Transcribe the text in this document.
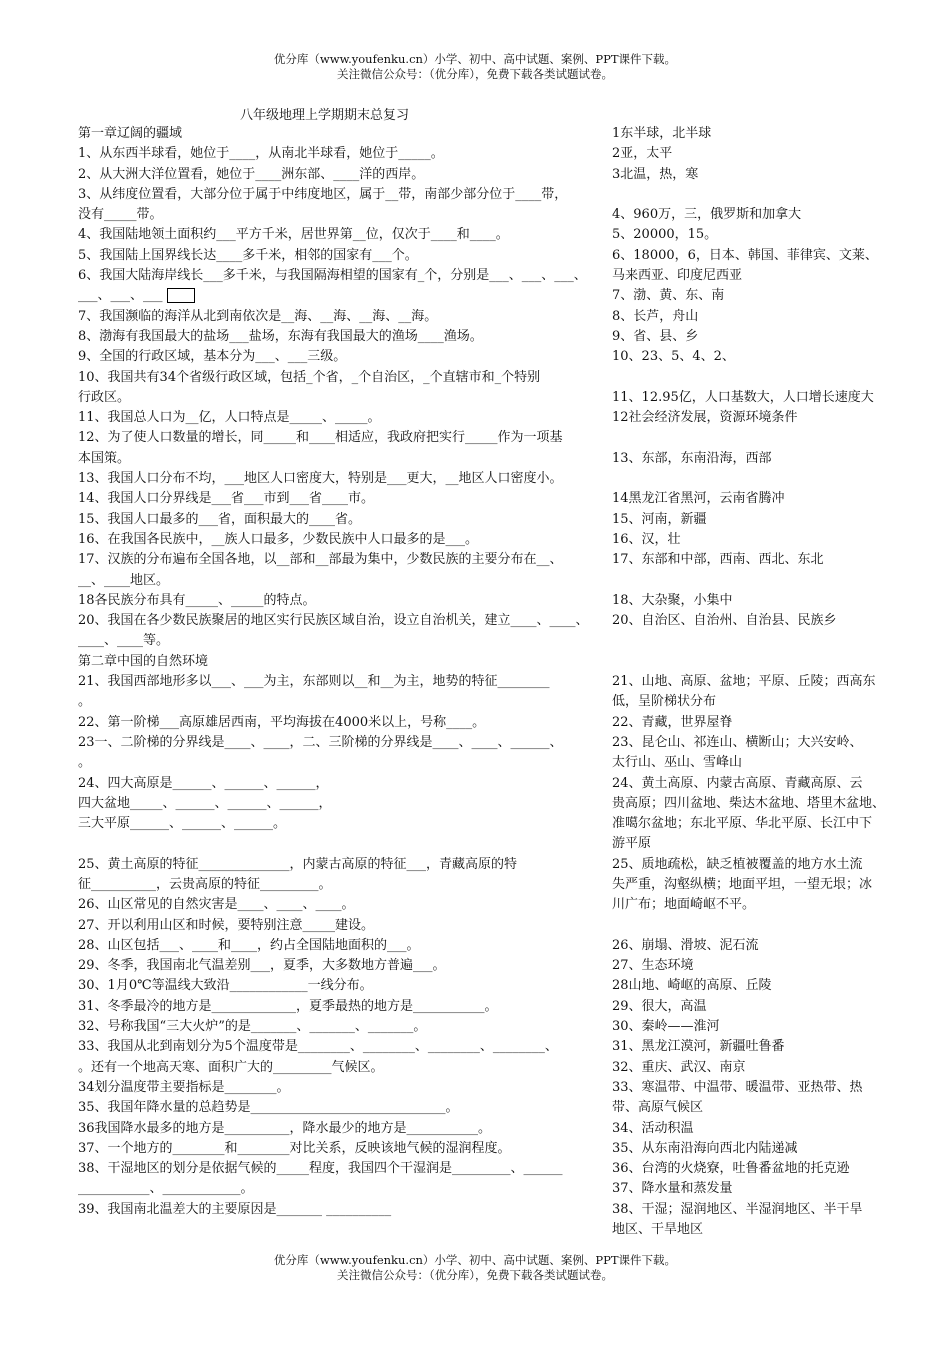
优分库（www.youfenku.cn）小学、初中、高中试题、案例、PPT课件下载。
关注微信公众号：（优分库），免费下载各类试题试卷。
八年级地理上学期期末总复习
第一章辽阔的疆域
1、从东西半球看，她位于____，从南北半球看，她位于_____。
2、从大洲大洋位置看，她位于____洲东部、____洋的西岸。
3、从纬度位置看，大部分位于属于中纬度地区，属于__带，南部少部分位于____带，
没有_____带。
4、我国陆地领土面积约___平方千米，居世界第__位，仅次于____和____。
5、我国陆上国界线长达____多千米，相邻的国家有___个。
6、我国大陆海岸线长___多千米，与我国隔海相望的国家有_个，分别是___、___、___、
___、___、___
7、我国濒临的海洋从北到南依次是__海、__海、__海、__海。
8、渤海有我国最大的盐场___盐场，东海有我国最大的渔场____渔场。
9、全国的行政区域，基本分为___、___三级。
10、我国共有34个省级行政区域，包括_个省，_个自治区，_个直辖市和_个特别
行政区。
11、我国总人口为__亿，人口特点是_____、_____。
12、为了使人口数量的增长，同_____和____相适应，我政府把实行_____作为一项基
本国策。
13、我国人口分布不均，___地区人口密度大，特别是___更大，__地区人口密度小。
14、我国人口分界线是___省___市到___省____市。
15、我国人口最多的___省，面积最大的____省。
16、在我国各民族中，__族人口最多，少数民族中人口最多的是___。
17、汉族的分布遍布全国各地，以__部和__部最为集中，少数民族的主要分布在__、
__、____地区。
18各民族分布具有_____、_____的特点。
20、我国在各少数民族聚居的地区实行民族区域自治，设立自治机关，建立____、____、
____、____等。
第二章中国的自然环境
21、我国西部地形多以___、___为主，东部则以__和__为主，地势的特征________
。
22、第一阶梯___高原雄居西南，平均海拔在4000米以上，号称____。
23一、二阶梯的分界线是____、____，二、三阶梯的分界线是____、____、______、
。
24、四大高原是______、______、______，
四大盆地_____、______、______、______，
三大平原______、______、______。
25、黄土高原的特征______________，内蒙古高原的特征___，青藏高原的特
征__________，云贵高原的特征_________。
26、山区常见的自然灾害是____、____、____。
27、开以利用山区和时候，要特别注意_____建设。
28、山区包括___、____和____，约占全国陆地面积的___。
29、冬季，我国南北气温差别___，夏季，大多数地方普遍___。
30、1月0℃等温线大致沿____________一线分布。
31、冬季最冷的地方是_____________，夏季最热的地方是___________。
32、号称我国“三大火炉”的是_______、_______、_______。
33、我国从北到南划分为5个温度带是________、________、________、________、
。还有一个地高天寒、面积广大的_________气候区。
34划分温度带主要指标是________。
35、我国年降水量的总趋势是______________________________。
36我国降水最多的地方是__________，降水最少的地方是___________。
37、一个地方的________和________对比关系，反映该地气候的湿润程度。
38、干湿地区的划分是依据气候的_____程度，我国四个干湿润是_________、______
___________、____________。
39、我国南北温差大的主要原因是_______ __________
1东半球，北半球
2亚，太平
3北温，热，寒
4、960万，三，俄罗斯和加拿大
5、20000，15。
6、18000，6，日本、韩国、菲律宾、文莱、
马来西亚、印度尼西亚
7、渤、黄、东、南
8、长芦，舟山
9、省、县、乡
10、23、5、4、2、
11、12.95亿，人口基数大，人口增长速度大
12社会经济发展，资源环境条件
13、东部，东南沿海，西部
14黑龙江省黑河，云南省腾冲
15、河南，新疆
16、汉，壮
17、东部和中部，西南、西北、东北
18、大杂聚，小集中
20、自治区、自治州、自治县、民族乡
21、山地、高原、盆地；平原、丘陵；西高东
低，呈阶梯状分布
22、青藏，世界屋脊
23、昆仑山、祁连山、横断山；大兴安岭、
太行山、巫山、雪峰山
24、黄土高原、内蒙古高原、青藏高原、云
贵高原；四川盆地、柴达木盆地、塔里木盆地、
准噶尔盆地；东北平原、华北平原、长江中下
游平原
25、质地疏松，缺乏植被覆盖的地方水土流
失严重，沟壑纵横；地面平坦，一望无垠；冰
川广布；地面崎岖不平。
26、崩塌、滑坡、泥石流
27、生态环境
28山地、崎岖的高原、丘陵
29、很大，高温
30、秦岭——淮河
31、黑龙江漠河，新疆吐鲁番
32、重庆、武汉、南京
33、寒温带、中温带、暖温带、亚热带、热
带、高原气候区
34、活动积温
35、从东南沿海向西北内陆递减
36、台湾的火烧寮，吐鲁番盆地的托克逊
37、降水量和蒸发量
38、干湿；湿润地区、半湿润地区、半干旱
地区、干旱地区
优分库（www.youfenku.cn）小学、初中、高中试题、案例、PPT课件下载。
关注微信公众号：（优分库），免费下载各类试题试卷。
